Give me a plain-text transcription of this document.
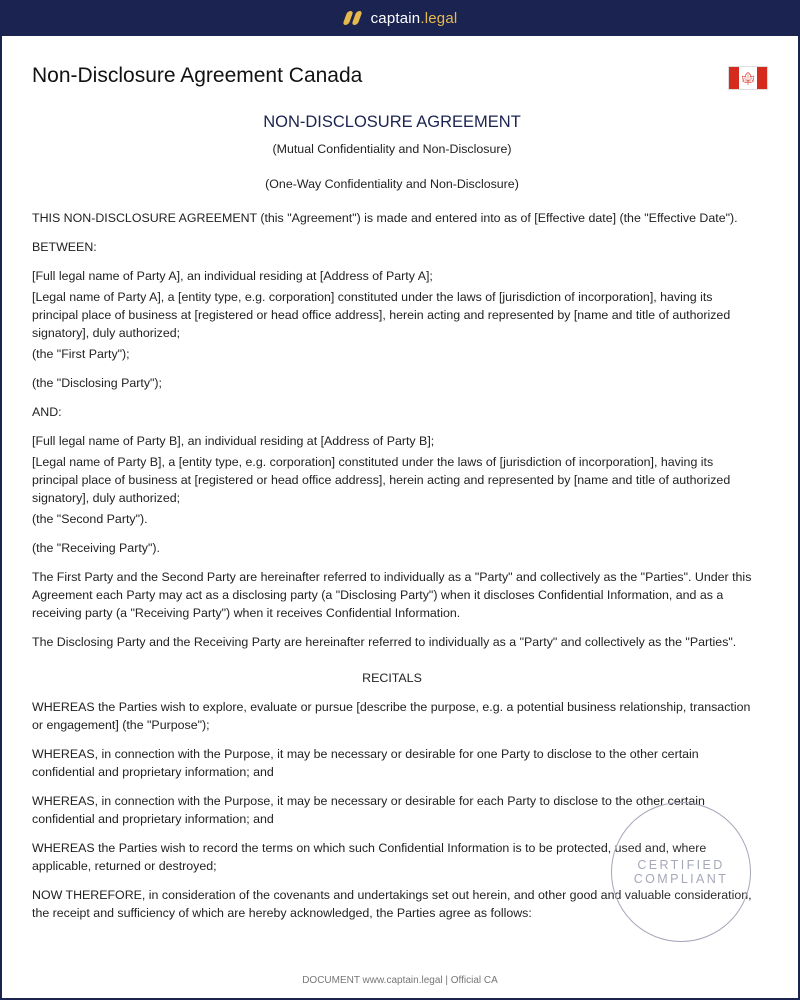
captain.legal
Non-Disclosure Agreement Canada	🍁︎
NON-DISCLOSURE AGREEMENT
(Mutual Confidentiality and Non-Disclosure)
(One-Way Confidentiality and Non-Disclosure)

THIS NON-DISCLOSURE AGREEMENT (this "Agreement") is made and entered into as of [Effective date] (the "Effective Date").

BETWEEN:

[Full legal name of Party A], an individual residing at [Address of Party A];

[Legal name of Party A], a [entity type, e.g. corporation] constituted under the laws of [jurisdiction of incorporation], having its principal place of business at [registered or head office address], herein acting and represented by [name and title of authorized signatory], duly authorized;

(the "First Party");

(the "Disclosing Party");

AND:

[Full legal name of Party B], an individual residing at [Address of Party B];

[Legal name of Party B], a [entity type, e.g. corporation] constituted under the laws of [jurisdiction of incorporation], having its principal place of business at [registered or head office address], herein acting and represented by [name and title of authorized signatory], duly authorized;

(the "Second Party").

(the "Receiving Party").

The First Party and the Second Party are hereinafter referred to individually as a "Party" and collectively as the "Parties". Under this Agreement each Party may act as a disclosing party (a "Disclosing Party") when it discloses Confidential Information, and as a receiving party (a "Receiving Party") when it receives Confidential Information.

The Disclosing Party and the Receiving Party are hereinafter referred to individually as a "Party" and collectively as the "Parties".

RECITALS

WHEREAS the Parties wish to explore, evaluate or pursue [describe the purpose, e.g. a potential business relationship, transaction or engagement] (the "Purpose");

WHEREAS, in connection with the Purpose, it may be necessary or desirable for one Party to disclose to the other certain confidential and proprietary information; and

WHEREAS, in connection with the Purpose, it may be necessary or desirable for each Party to disclose to the other certain confidential and proprietary information; and

WHEREAS the Parties wish to record the terms on which such Confidential Information is to be protected, used and, where applicable, returned or destroyed;

NOW THEREFORE, in consideration of the covenants and undertakings set out herein, and other good and valuable consideration, the receipt and sufficiency of which are hereby acknowledged, the Parties agree as follows:

DOCUMENT www.captain.legal | Official CA
CERTIFIED
COMPLIANT
